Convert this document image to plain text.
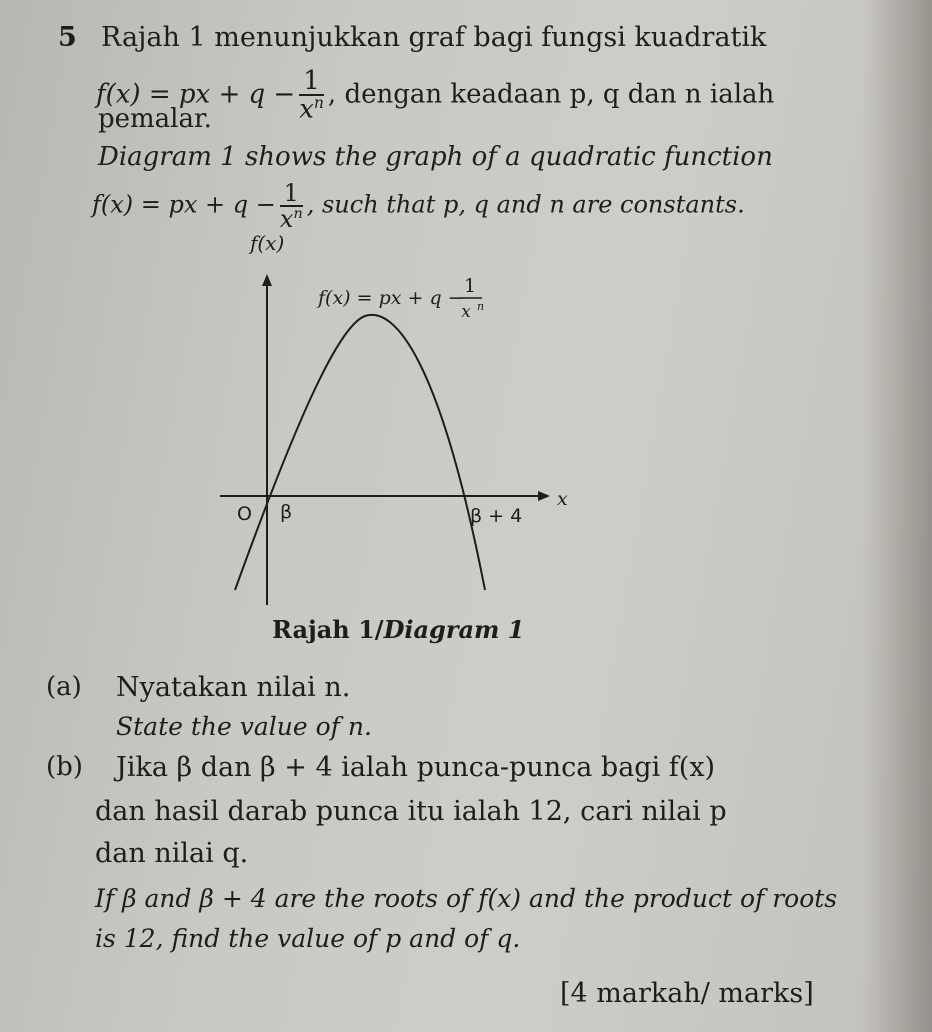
5 Rajah 1 menunjukkan graf bagi fungsi kuadratik
f(x) = px + $q - \frac{1}{x^n}$ , dengan keadaan p, q dan n ialah
pemalar.
Diagram 1 shows the graph of a quadratic function
f(x) = px + $q - \frac{1}{x^n}$ , such that p, q and n are constants.
f(x)
f(x) = px + q −
1
x n
O β	β + 4
x
Rajah 1/Diagram 1
(a) Nyatakan nilai n.
State the value of n.
(b) Jika β dan β + 4 ialah punca-punca bagi f(x)
dan hasil darab punca itu ialah 12, cari nilai p
dan nilai q.
If β and β + 4 are the roots of f(x) and the product of roots
is 12, find the value of p and of q.
[4 markah/ marks]
